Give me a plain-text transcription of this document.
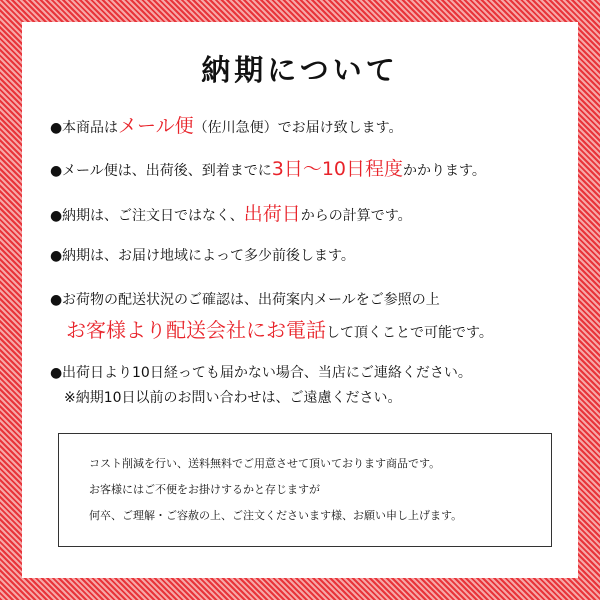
納期について
●本商品はメール便（佐川急便）でお届け致します。
●メール便は、出荷後、到着までに3日〜10日程度かかります。
●納期は、ご注文日ではなく、出荷日からの計算です。
●納期は、お届け地域によって多少前後します。
●お荷物の配送状況のご確認は、出荷案内メールをご参照の上
お客様より配送会社にお電話して頂くことで可能です。
●出荷日より10日経っても届かない場合、当店にご連絡ください。
※納期10日以前のお問い合わせは、ご遠慮ください。
コスト削減を行い、送料無料でご用意させて頂いております商品です。
お客様にはご不便をお掛けするかと存じますが
何卒、ご理解・ご容赦の上、ご注文くださいます様、お願い申し上げます。
